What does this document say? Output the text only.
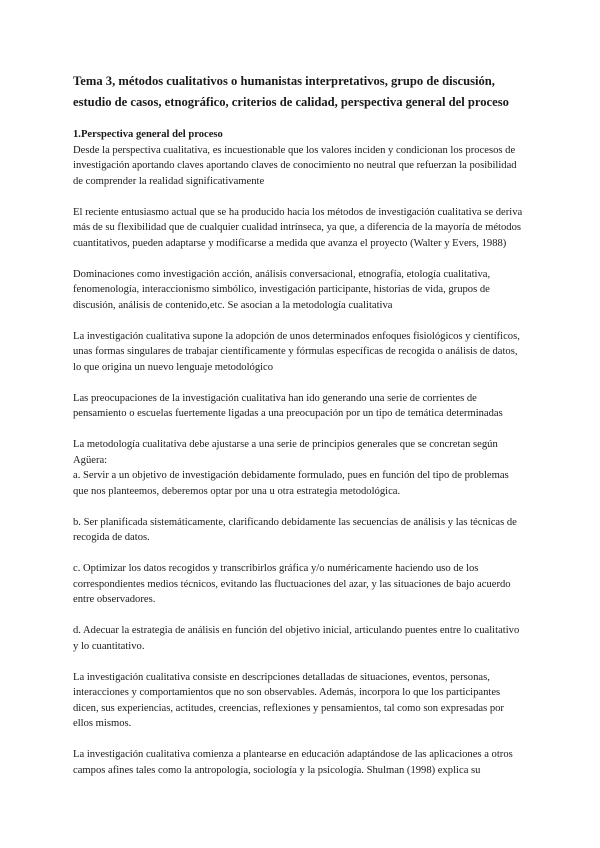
Tema 3, métodos cualitativos o humanistas interpretativos, grupo de discusión, estudio de casos, etnográfico, criterios de calidad, perspectiva general del proceso
1.Perspectiva general del proceso

Desde la perspectiva cualitativa, es incuestionable que los valores inciden y condicionan los procesos de investigación aportando claves aportando claves de conocimiento no neutral que refuerzan la posibilidad de comprender la realidad significativamente

El reciente entusiasmo actual que se ha producido hacia los métodos de investigación cualitativa se deriva más de su flexibilidad que de cualquier cualidad intrínseca, ya que, a diferencia de la mayoría de métodos cuantitativos, pueden adaptarse y modificarse a medida que avanza el proyecto (Walter y Evers, 1988)

Dominaciones como investigación acción, análisis conversacional, etnografía, etología cualitativa, fenomenología, interaccionismo simbólico, investigación participante, historias de vida, grupos de discusión, análisis de contenido,etc. Se asocian a la metodología cualitativa

La investigación cualitativa supone la adopción de unos determinados enfoques fisiológicos y científicos, unas formas singulares de trabajar científicamente y fórmulas específicas de recogida o análisis de datos, lo que origina un nuevo lenguaje metodológico

Las preocupaciones de la investigación cualitativa han ido generando una serie de corrientes de pensamiento o escuelas fuertemente ligadas a una preocupación por un tipo de temática determinadas

La metodología cualitativa debe ajustarse a una serie de principios generales que se concretan según Agüera:

a. Servir a un objetivo de investigación debidamente formulado, pues en función del tipo de problemas que nos planteemos, deberemos optar por una u otra estrategia metodológica.

b. Ser planificada sistemáticamente, clarificando debidamente las secuencias de análisis y las técnicas de recogida de datos.

c. Optimizar los datos recogidos y transcribirlos gráfica y/o numéricamente haciendo uso de los correspondientes medios técnicos, evitando las fluctuaciones del azar, y las situaciones de bajo acuerdo entre observadores.

d. Adecuar la estrategia de análisis en función del objetivo inicial, articulando puentes entre lo cualitativo y lo cuantitativo.

La investigación cualitativa consiste en descripciones detalladas de situaciones, eventos, personas, interacciones y comportamientos que no son observables. Además, incorpora lo que los participantes dicen, sus experiencias, actitudes, creencias, reflexiones y pensamientos, tal como son expresadas por ellos mismos.

La investigación cualitativa comienza a plantearse en educación adaptándose de las aplicaciones a otros campos afines tales como la antropología, sociología y la psicología. Shulman (1998) explica su
